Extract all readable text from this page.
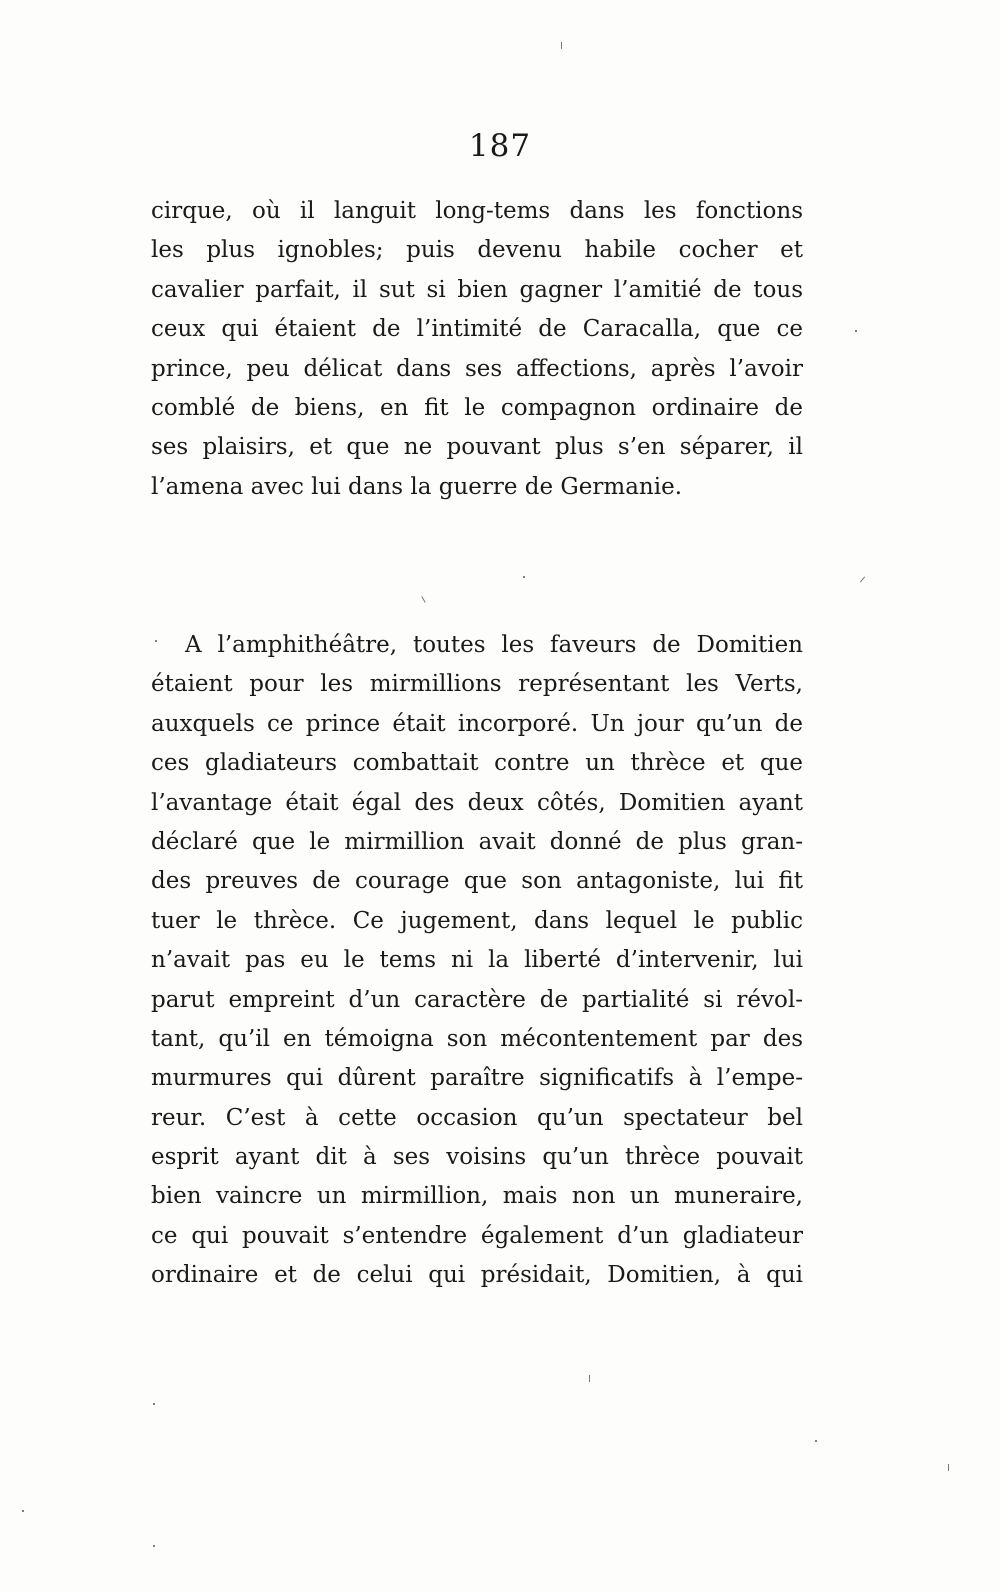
187
cirque, où il languit long-tems dans les fonctions
les plus ignobles; puis devenu habile cocher et
cavalier parfait, il sut si bien gagner l’amitié de tous
ceux qui étaient de l’intimité de Caracalla, que ce
prince, peu délicat dans ses affections, après l’avoir
comblé de biens, en fit le compagnon ordinaire de
ses plaisirs, et que ne pouvant plus s’en séparer, il
l’amena avec lui dans la guerre de Germanie.
A l’amphithéâtre, toutes les faveurs de Domitien
étaient pour les mirmillions représentant les Verts,
auxquels ce prince était incorporé. Un jour qu’un de
ces gladiateurs combattait contre un thrèce et que
l’avantage était égal des deux côtés, Domitien ayant
déclaré que le mirmillion avait donné de plus gran-
des preuves de courage que son antagoniste, lui fit
tuer le thrèce. Ce jugement, dans lequel le public
n’avait pas eu le tems ni la liberté d’intervenir, lui
parut empreint d’un caractère de partialité si révol-
tant, qu’il en témoigna son mécontentement par des
murmures qui dûrent paraître significatifs à l’empe-
reur. C’est à cette occasion qu’un spectateur bel
esprit ayant dit à ses voisins qu’un thrèce pouvait
bien vaincre un mirmillion, mais non un muneraire,
ce qui pouvait s’entendre également d’un gladiateur
ordinaire et de celui qui présidait, Domitien, à qui
